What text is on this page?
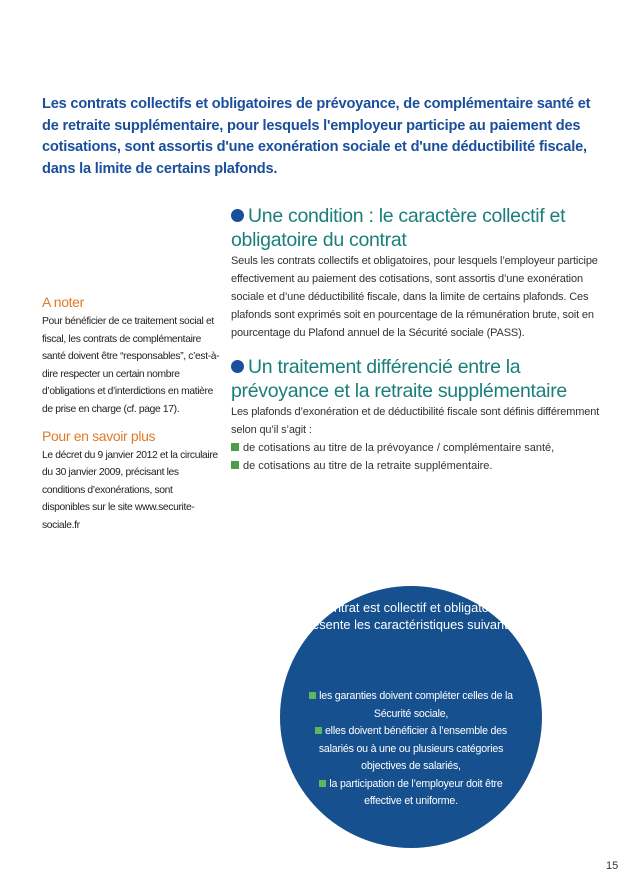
Les contrats collectifs et obligatoires de prévoyance, de complémentaire santé et de retraite supplémentaire, pour lesquels l'employeur participe au paiement des cotisations, sont assortis d'une exonération sociale et d'une déductibilité fiscale, dans la limite de certains plafonds.
A noter

Pour bénéficier de ce traitement social et fiscal, les contrats de complémentaire santé doivent être “responsables”, c’est-à-dire respecter un certain nombre d’obligations et d’interdictions en matière de prise en charge (cf. page 17).

Pour en savoir plus

Le décret du 9 janvier 2012 et la circulaire du 30 janvier 2009, précisant les conditions d’exonérations, sont disponibles sur le site www.securite-sociale.fr

Une condition : le caractère collectif et obligatoire du contrat

Seuls les contrats collectifs et obligatoires, pour lesquels l’employeur participe effectivement au paiement des cotisations, sont assortis d’une exonération sociale et d’une déductibilité fiscale, dans la limite de certains plafonds. Ces plafonds sont exprimés soit en pourcentage de la rémunération brute, soit en pourcentage du Plafond annuel de la Sécurité sociale (PASS).

Un traitement différencié entre la prévoyance et la retraite supplémentaire

Les plafonds d’exonération et de déductibilité fiscale sont définis différemment selon qu’il s’agit :

de cotisations au titre de la prévoyance / complémentaire santé,
de cotisations au titre de la retraite supplémentaire.
Un contrat est collectif et obligatoire s’il présente les caractéristiques suivantes
les garanties doivent compléter celles de la Sécurité sociale,
elles doivent bénéficier à l’ensemble des salariés ou à une ou plusieurs catégories objectives de salariés,
la participation de l’employeur doit être effective et uniforme.
15
